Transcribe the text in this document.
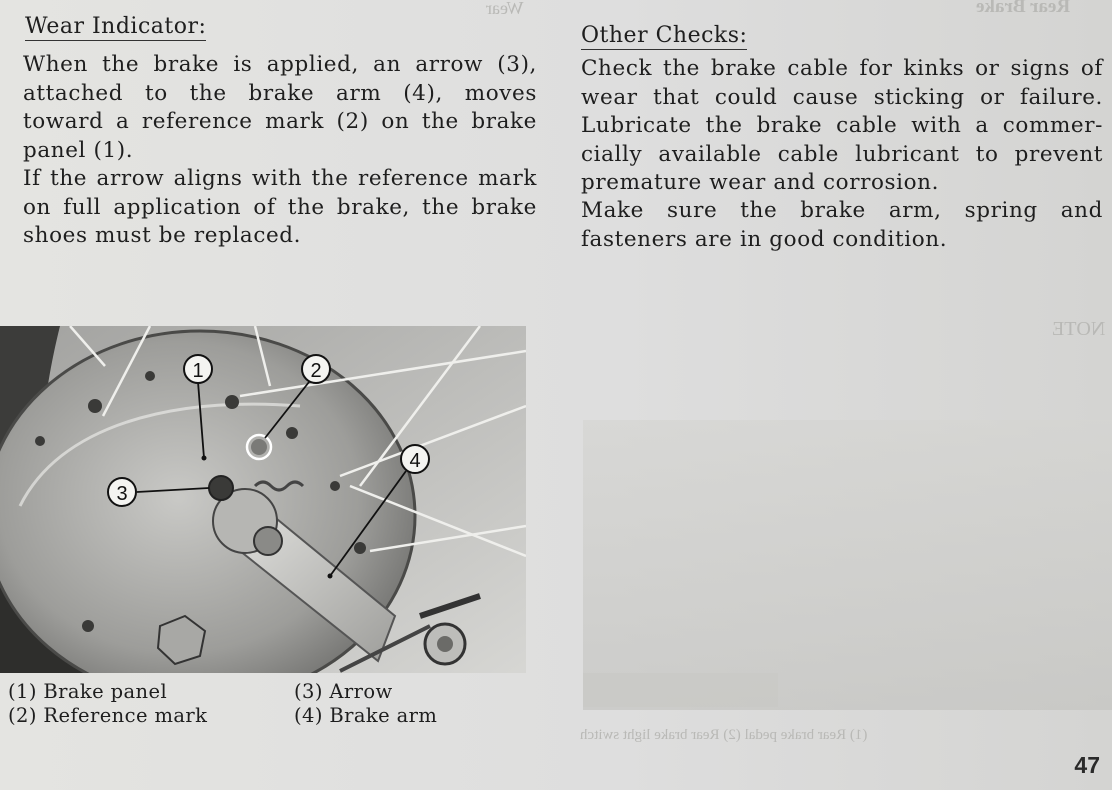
Wear	Rear Brake
NOTE
(1) Rear brake pedal (2) Rear brake light switch
Wear Indicator:
When the brake is applied, an arrow (3),
attached to the brake arm (4), moves
toward a reference mark (2) on the brake
panel (1).
If the arrow aligns with the reference mark
on full application of the brake, the brake
shoes must be replaced.
Other Checks:
Check the brake cable for kinks or signs of
wear that could cause sticking or failure.
Lubricate the brake cable with a commer-
cially available cable lubricant to prevent
premature wear and corrosion.
Make sure the brake arm, spring and
fasteners are in good condition.
1	2
3
4
(1) Brake panel
(2) Reference mark
(3) Arrow
(4) Brake arm
47
